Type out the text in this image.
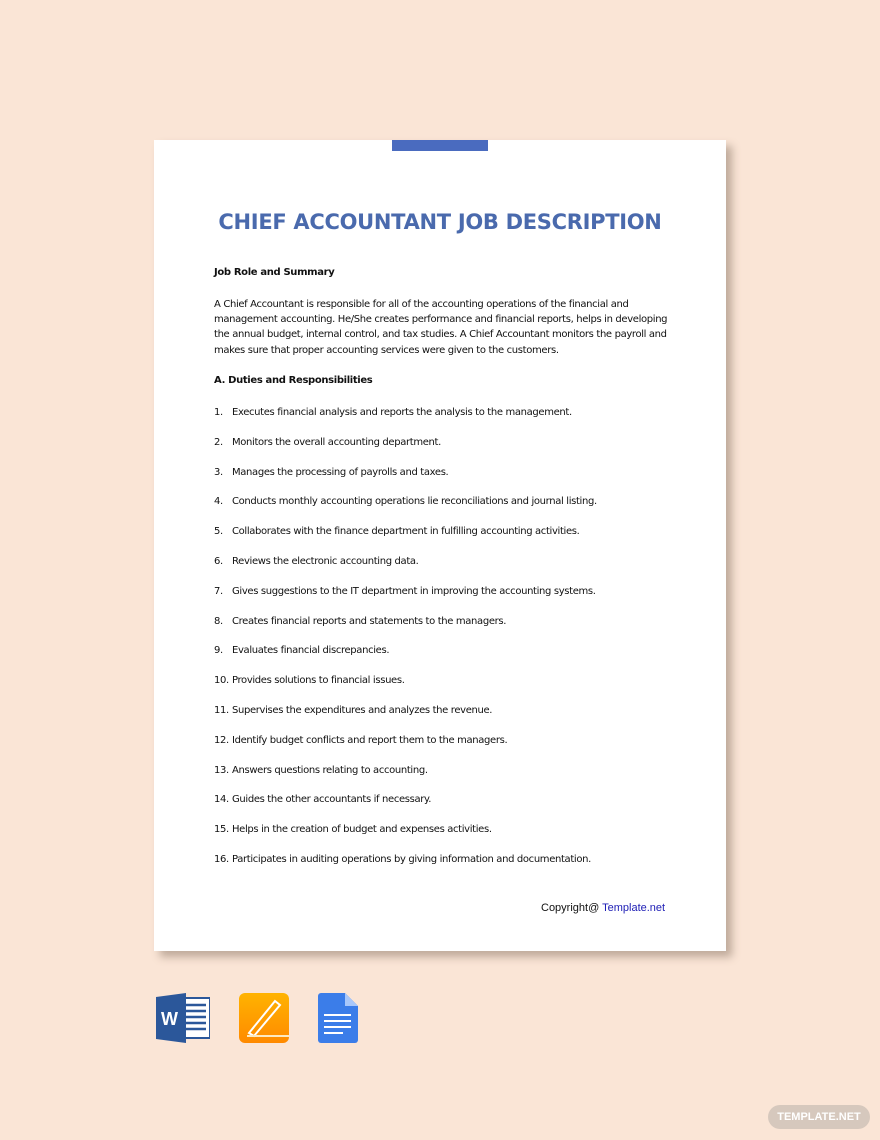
CHIEF ACCOUNTANT JOB DESCRIPTION
Job Role and Summary
A Chief Accountant is responsible for all of the accounting operations of the financial and management accounting. He/She creates performance and financial reports, helps in developing the annual budget, internal control, and tax studies. A Chief Accountant monitors the payroll and makes sure that proper accounting services were given to the customers.
A. Duties and Responsibilities
1. Executes financial analysis and reports the analysis to the management.
2. Monitors the overall accounting department.
3. Manages the processing of payrolls and taxes.
4. Conducts monthly accounting operations lie reconciliations and journal listing.
5. Collaborates with the finance department in fulfilling accounting activities.
6. Reviews the electronic accounting data.
7. Gives suggestions to the IT department in improving the accounting systems.
8. Creates financial reports and statements to the managers.
9. Evaluates financial discrepancies.
10. Provides solutions to financial issues.
11. Supervises the expenditures and analyzes the revenue.
12. Identify budget conflicts and report them to the managers.
13. Answers questions relating to accounting.
14. Guides the other accountants if necessary.
15. Helps in the creation of budget and expenses activities.
16. Participates in auditing operations by giving information and documentation.
Copyright@ Template.net
W
TEMPLATE.NET
